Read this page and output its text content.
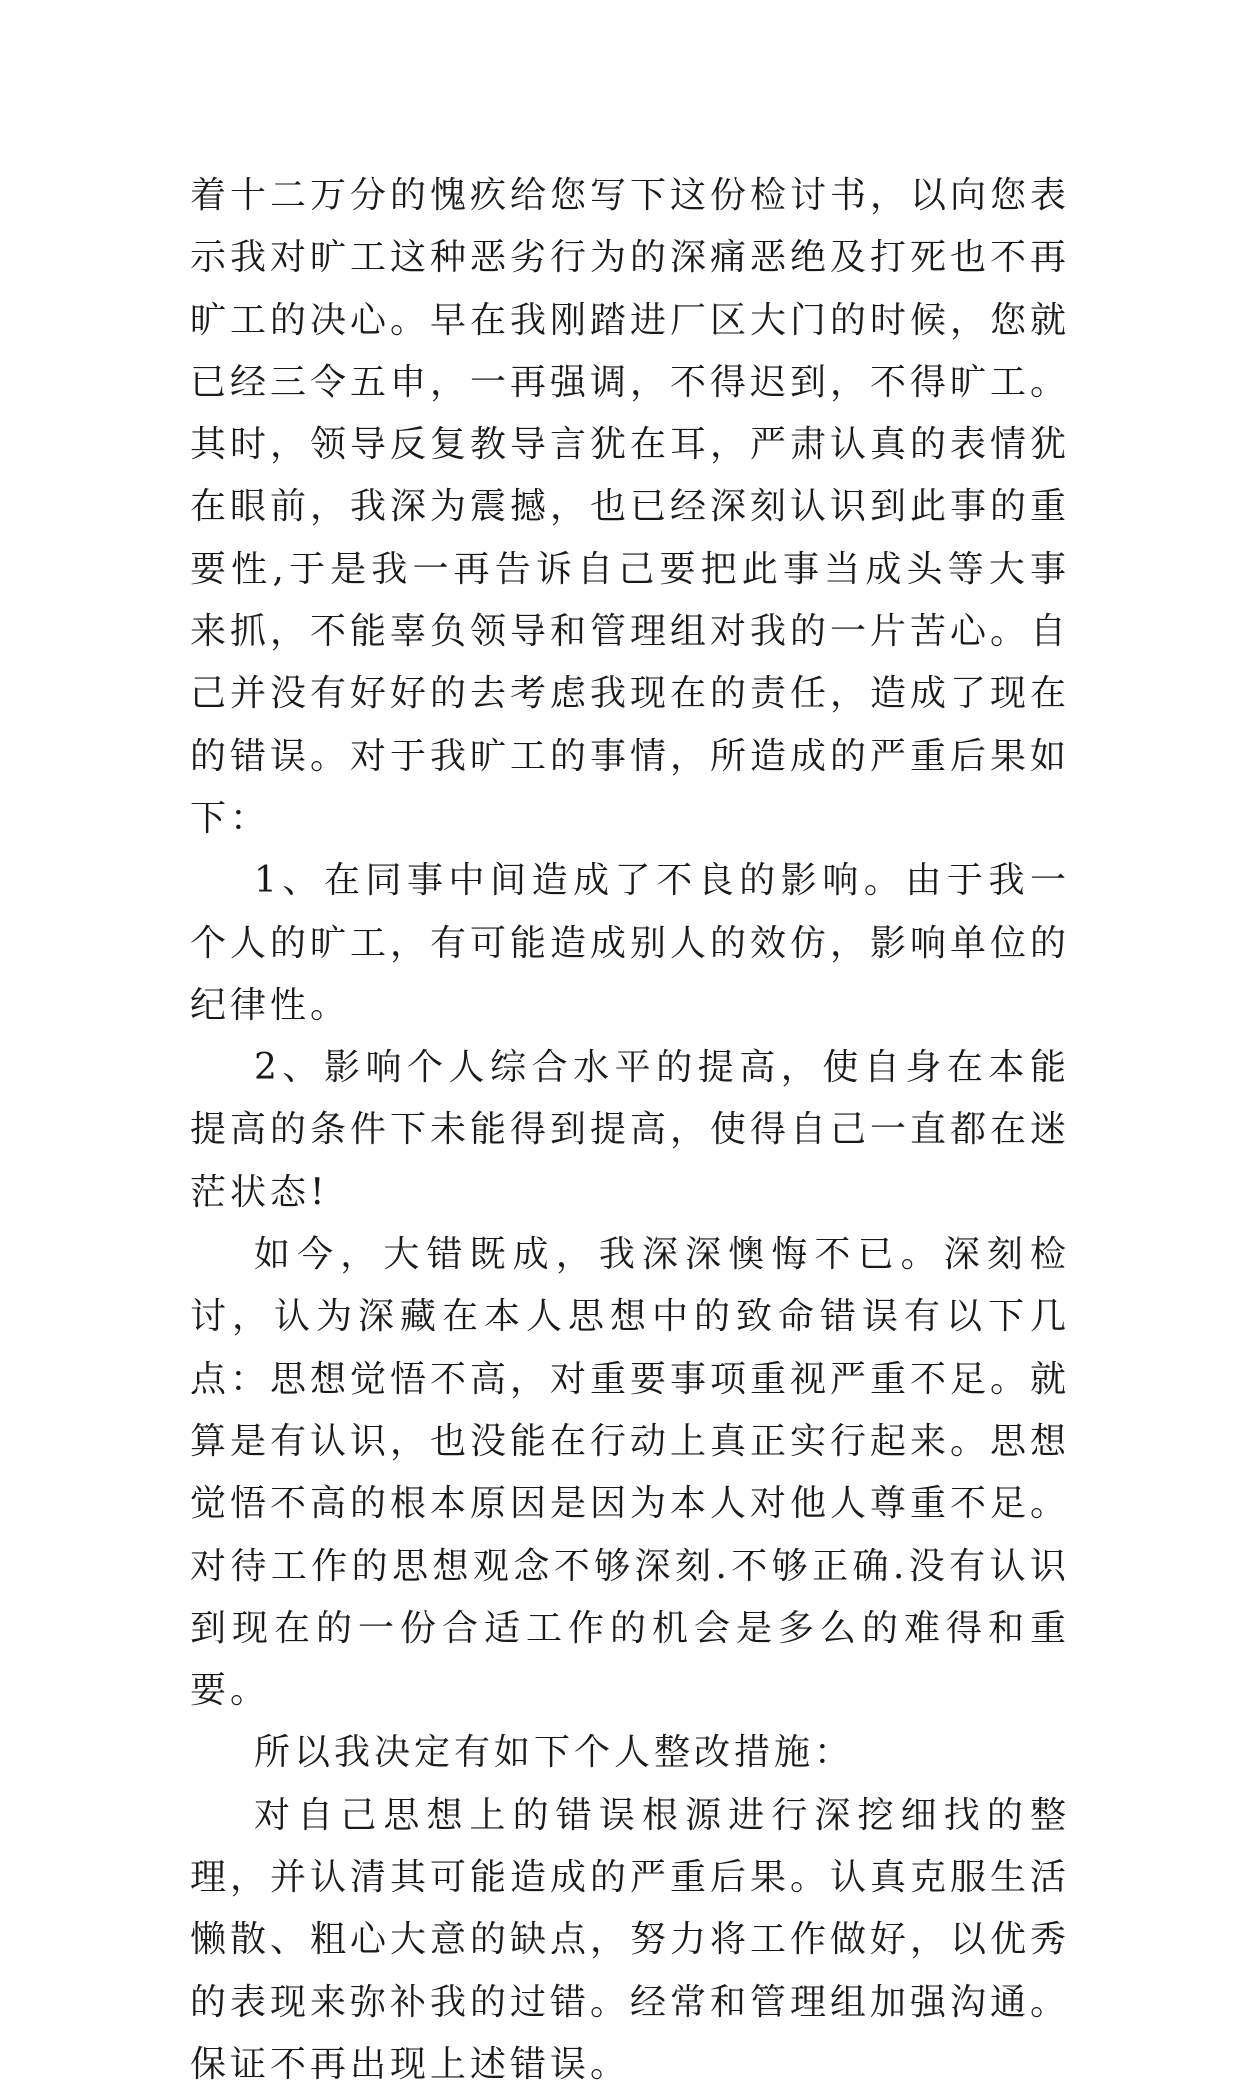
着十二万分的愧疚给您写下这份检讨书，以向您表示我对旷工这种恶劣行为的深痛恶绝及打死也不再旷工的决心。早在我刚踏进厂区大门的时候，您就已经三令五申，一再强调，不得迟到，不得旷工。其时，领导反复教导言犹在耳，严肃认真的表情犹在眼前，我深为震撼，也已经深刻认识到此事的重要性,于是我一再告诉自己要把此事当成头等大事来抓，不能辜负领导和管理组对我的一片苦心。自己并没有好好的去考虑我现在的责任，造成了现在的错误。对于我旷工的事情，所造成的严重后果如下：

1、在同事中间造成了不良的影响。由于我一个人的旷工，有可能造成别人的效仿，影响单位的纪律性。

2、影响个人综合水平的提高，使自身在本能提高的条件下未能得到提高，使得自己一直都在迷茫状态!

如今，大错既成，我深深懊悔不已。深刻检讨，认为深藏在本人思想中的致命错误有以下几点：思想觉悟不高，对重要事项重视严重不足。就算是有认识，也没能在行动上真正实行起来。思想觉悟不高的根本原因是因为本人对他人尊重不足。对待工作的思想观念不够深刻.不够正确.没有认识到现在的一份合适工作的机会是多么的难得和重要。

所以我决定有如下个人整改措施：

对自己思想上的错误根源进行深挖细找的整理，并认清其可能造成的严重后果。认真克服生活懒散、粗心大意的缺点，努力将工作做好，以优秀的表现来弥补我的过错。经常和管理组加强沟通。保证不再出现上述错误。
